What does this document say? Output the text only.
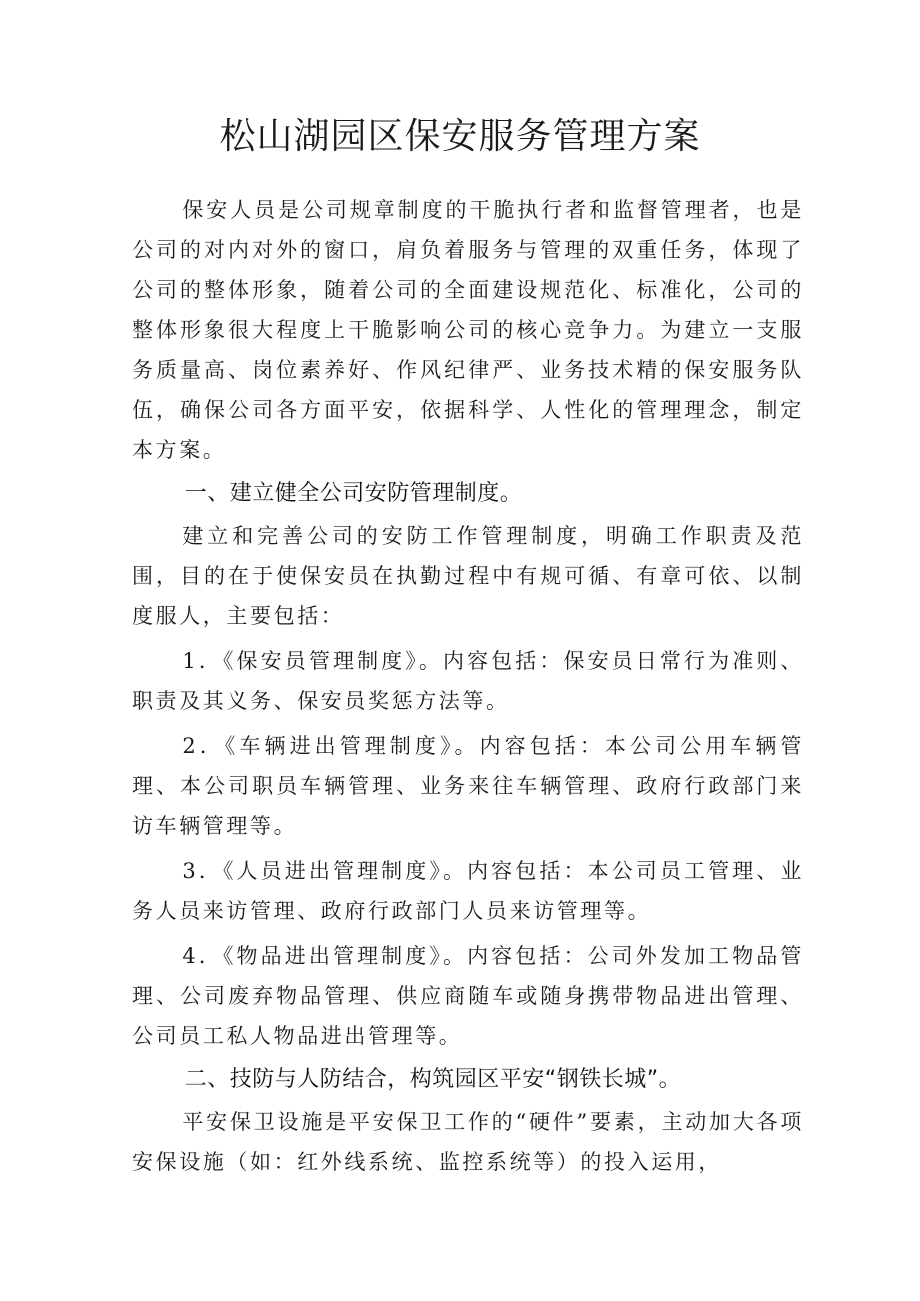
松山湖园区保安服务管理方案

保安人员是公司规章制度的干脆执行者和监督管理者，也是公司的对内对外的窗口，肩负着服务与管理的双重任务，体现了公司的整体形象，随着公司的全面建设规范化、标准化，公司的整体形象很大程度上干脆影响公司的核心竞争力。为建立一支服务质量高、岗位素养好、作风纪律严、业务技术精的保安服务队伍，确保公司各方面平安，依据科学、人性化的管理理念，制定本方案。

一、建立健全公司安防管理制度。

建立和完善公司的安防工作管理制度，明确工作职责及范围，目的在于使保安员在执勤过程中有规可循、有章可依、以制度服人，主要包括：

1．《保安员管理制度》。内容包括：保安员日常行为准则、职责及其义务、保安员奖惩方法等。

2．《车辆进出管理制度》。内容包括：本公司公用车辆管理、本公司职员车辆管理、业务来往车辆管理、政府行政部门来访车辆管理等。

3．《人员进出管理制度》。内容包括：本公司员工管理、业务人员来访管理、政府行政部门人员来访管理等。

4．《物品进出管理制度》。内容包括：公司外发加工物品管理、公司废弃物品管理、供应商随车或随身携带物品进出管理、公司员工私人物品进出管理等。

二、技防与人防结合，构筑园区平安“钢铁长城”。

平安保卫设施是平安保卫工作的“硬件”要素，主动加大各项安保设施（如：红外线系统、监控系统等）的投入运用，
